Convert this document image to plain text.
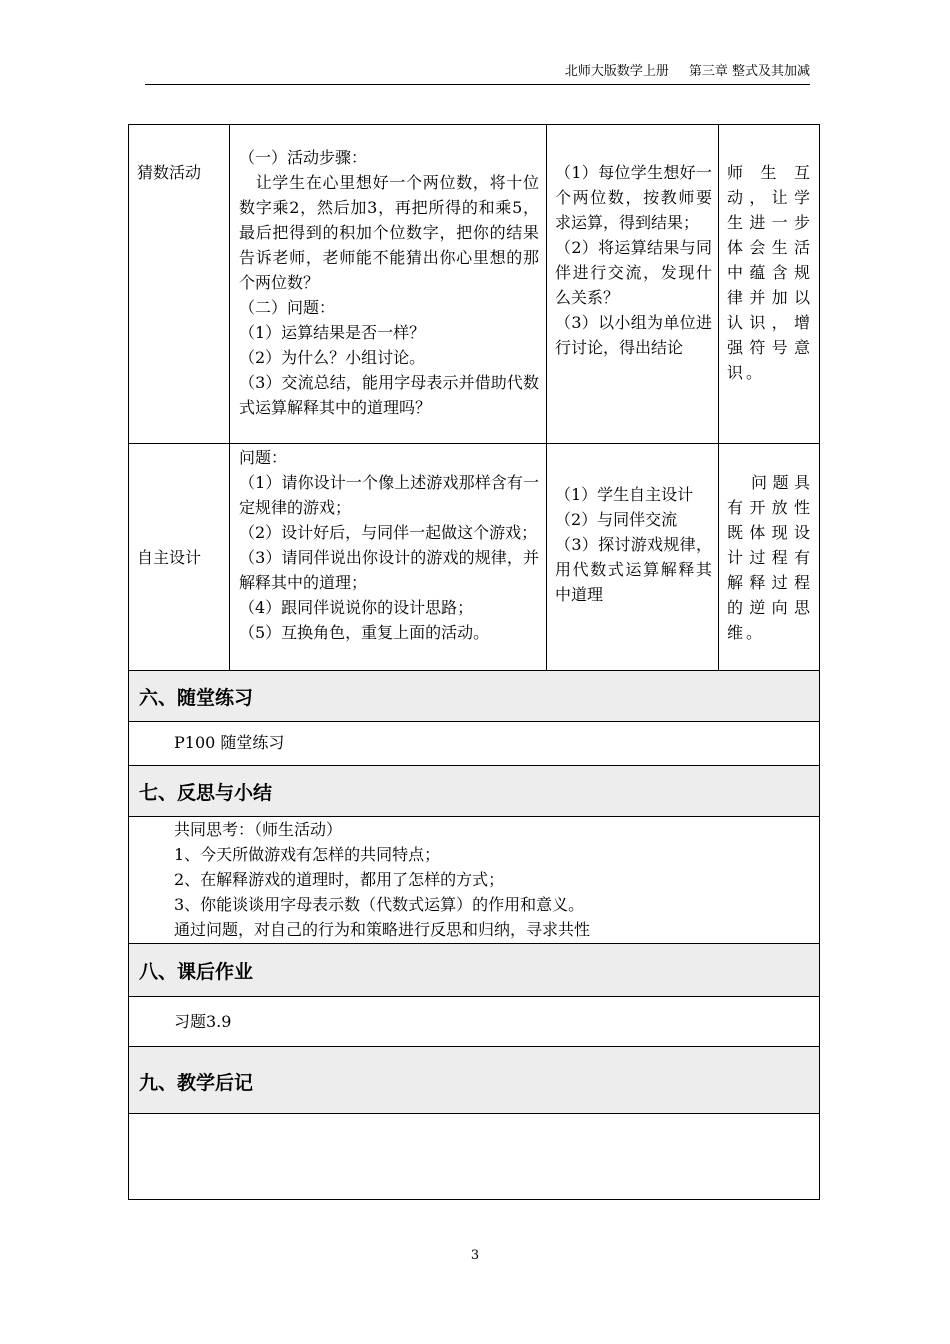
北师大版数学上册 第三章 整式及其加减
猜数活动

（一）活动步骤：

　让学生在心里想好一个两位数，将十位数字乘2，然后加3，再把所得的和乘5，最后把得到的积加个位数字，把你的结果告诉老师，老师能不能猜出你心里想的那个两位数？

（二）问题：

（1）运算结果是否一样？

（2）为什么？小组讨论。

（3）交流总结，能用字母表示并借助代数式运算解释其中的道理吗？

（1）每位学生想好一个两位数，按教师要求运算，得到结果；

（2）将运算结果与同伴进行交流，发现什么关系？

（3）以小组为单位进行讨论，得出结论

师生互动，让学生进一步体会生活中蕴含规律并加以认识，增强符号意识。
自主设计

问题：

（1）请你设计一个像上述游戏那样含有一定规律的游戏；

（2）设计好后，与同伴一起做这个游戏；

（3）请同伴说出你设计的游戏的规律，并解释其中的道理；

（4）跟同伴说说你的设计思路；

（5）互换角色，重复上面的活动。

（1）学生自主设计

（2）与同伴交流

（3）探讨游戏规律，用代数式运算解释其中道理

问题具有开放性既体现设计过程有解释过程的逆向思维。
六、随堂练习

P100 随堂练习

七、反思与小结

共同思考：（师生活动）

1、今天所做游戏有怎样的共同特点；

2、在解释游戏的道理时，都用了怎样的方式；

3、你能谈谈用字母表示数（代数式运算）的作用和意义。

通过问题，对自己的行为和策略进行反思和归纳，寻求共性

八、课后作业

习题3.9

九、教学后记
3
